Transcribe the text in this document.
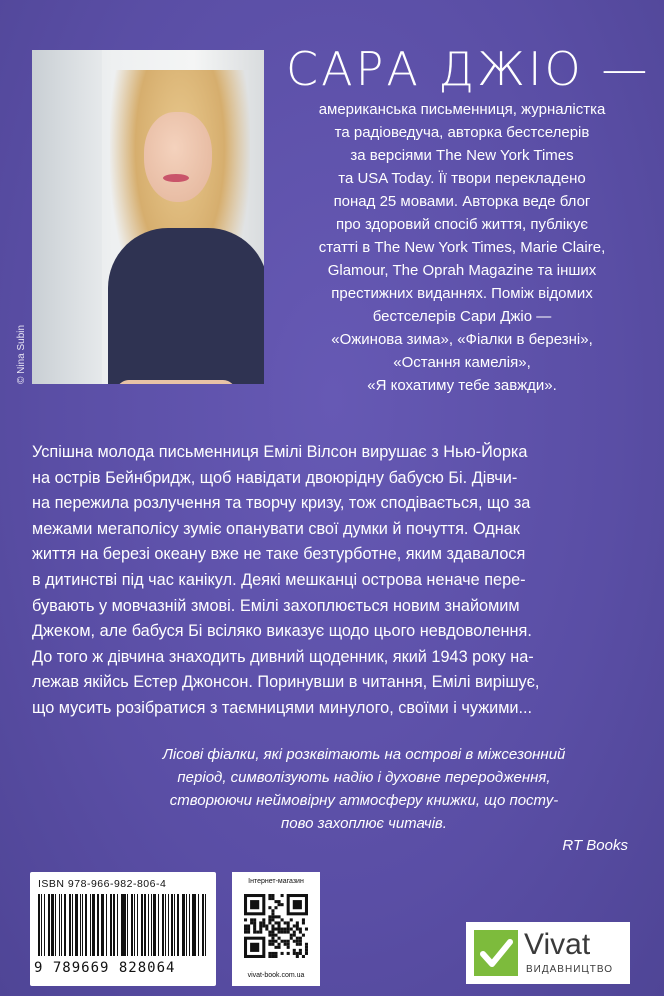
© Nina Subin
САРА ДЖІО —

американська письменниця, журналістка

та радіоведуча, авторка бестселерів

за версіями The New York Times

та USA Today. Її твори перекладено

понад 25 мовами. Авторка веде блог

про здоровий спосіб життя, публікує

статті в The New York Times, Marie Claire,

Glamour, The Oprah Magazine та інших

престижних виданнях. Поміж відомих

бестселерів Сари Джіо —

«Ожинова зима», «Фіалки в березні»,

«Остання камелія»,

«Я кохатиму тебе завжди».

Успішна молода письменниця Емілі Вілсон вирушає з Нью-Йорка

на острів Бейнбридж, щоб навідати двоюрідну бабусю Бі. Дівчи-

на пережила розлучення та творчу кризу, тож сподівається, що за

межами мегаполісу зуміє опанувати свої думки й почуття. Однак

життя на березі океану вже не таке безтурботне, яким здавалося

в дитинстві під час канікул. Деякі мешканці острова неначе пере-

бувають у мовчазній змові. Емілі захоплюється новим знайомим

Джеком, але бабуся Бі всіляко виказує щодо цього невдоволення.

До того ж дівчина знаходить дивний щоденник, який 1943 року на-

лежав якійсь Естер Джонсон. Поринувши в читання, Емілі вирішує,

що мусить розібратися з таємницями минулого, своїми і чужими...

Лісові фіалки, які розквітають на острові в міжсезонний
період, символізують надію і духовне переродження,
створюючи неймовірну атмосферу книжки, що посту-
пово захоплює читачів.
RT Books
ISBN 978-966-982-806-4
9 789669 828064
Інтернет-магазин
vivat-book.com.ua
Vivat
ВИДАВНИЦТВО
